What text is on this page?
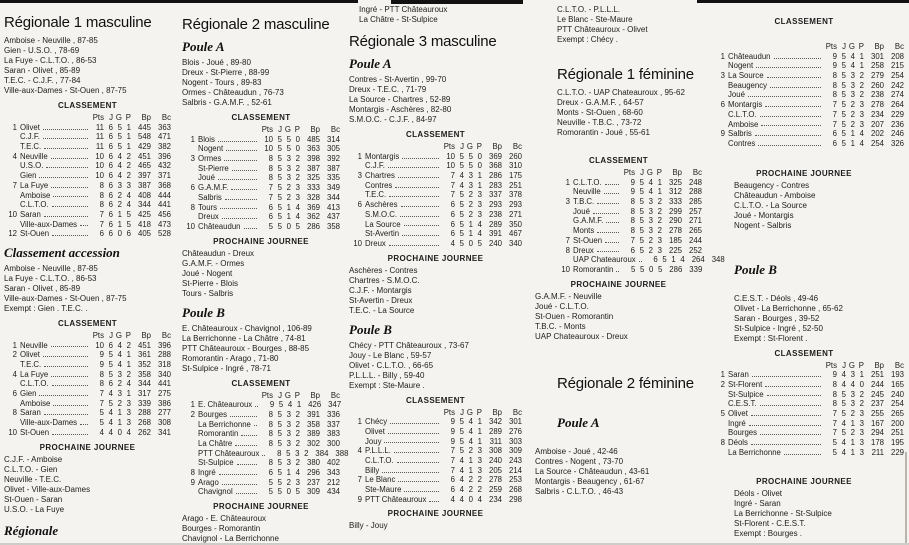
Régionale 1 masculine
Amboise - Neuville , 87-85
Gien - U.S.O. , 78-69
La Fuye - C.L.T.O. , 86-53
Saran - Olivet , 85-89
T.E.C. - C.J.F. , 77-84
Ville-aux-Dames - St-Ouen , 87-75
CLASSEMENT
Pts J G P	Bp	Bc
1 Olivet	11 6 5 1 445 363
C.J.F.	11 6 5 1 548 471
T.E.C.	11 6 5 1 429 382
4 Neuville	10 6 4 2 451 396
U.S.O.	10 6 4 2 465 432
Gien	10 6 4 2 397 371
7 La Fuye	8 6 3 3 387 368
Amboise	8 6 2 4 408 444
C.L.T.O.	8 6 2 4 344 441
10 Saran	7 6 1 5 425 456
Ville-aux-Dames	7 6 1 5 418 473
12 St-Ouen	6 6 0 6 405 528
Classement accession
Amboise - Neuville , 87-85
La Fuye - C.L.T.O. , 86-53
Saran - Olivet , 85-89
Ville-aux-Dames - St-Ouen , 87-75
Exempt : Gien . T.E.C. .
CLASSEMENT
Pts J G P	Bp	Bc
1 Neuville	10 6 4 2 451 396
2 Olivet	9 5 4 1 361 288
T.E.C.	9 5 4 1 352 318
4 La Fuye	8 5 3 2 358 340
C.L.T.O.	8 6 2 4 344 441
6 Gien	7 4 3 1 317 275
Amboise	7 5 2 3 339 386
8 Saran	5 4 1 3 288 277
Ville-aux-Dames	5 4 1 3 268 308
10 St-Ouen	4 4 0 4 262 341
PROCHAINE JOURNEE
C.J.F. - Amboise
C.L.T.O. - Gien
Neuville - T.E.C.
Olivet - Ville-aux-Dames
St-Ouen - Saran
U.S.O. - La Fuye
Régionale
Régionale 2 masculine
Poule A
Blois - Joué , 89-80
Dreux - St-Pierre , 88-99
Nogent - Tours , 89-83
Ormes - Châteaudun , 76-73
Salbris - G.A.M.F. , 52-61
CLASSEMENT
Pts J G P	Bp	Bc
1 Blois	10 5 5 0 485 314
Nogent	10 5 5 0 363 305
3 Ormes	8 5 3 2 398 392
St-Pierre	8 5 3 2 387 387
Joué	8 5 3 2 325 335
6 G.A.M.F.	7 5 2 3 333 349
Salbris	7 5 2 3 328 344
8 Tours	6 5 1 4 369 413
Dreux	6 5 1 4 362 437
10 Châteaudun	5 5 0 5 286 358
PROCHAINE JOURNEE
Châteaudun - Dreux
G.A.M.F. - Ormes
Joué - Nogent
St-Pierre - Blois
Tours - Salbris
Poule B
E. Châteauroux - Chavignol , 106-89
La Berrichonne - La Châtre , 74-81
PTT Châteauroux - Bourges , 88-85
Romorantin - Arago , 71-80
St-Sulpice - Ingré , 78-71
CLASSEMENT
Pts J G P	Bp	Bc
1 E. Châteauroux	9 5 4 1 426 347
2 Bourges	8 5 3 2 391 336
La Berrichonne	8 5 3 2 358 337
Romorantin	8 5 3 2 389 383
La Châtre	8 5 3 2 302 300
PTT Châteauroux	8 5 3 2 384 388
St-Sulpice	8 5 3 2 380 402
8 Ingré	6 5 1 4 296 343
9 Arago	5 5 2 3 237 212
Chavignol	5 5 0 5 309 434
PROCHAINE JOURNEE
Arago - E. Châteauroux
Bourges - Romorantin
Chavignol - La Berrichonne
Ingré - PTT Châteauroux
La Châtre - St-Sulpice
Régionale 3 masculine
Poule A
Contres - St-Avertin , 99-70
Dreux - T.E.C. , 71-79
La Source - Chartres , 52-89
Montargis - Aschères , 82-80
S.M.O.C. - C.J.F. , 84-97
CLASSEMENT
Pts J G P	Bp	Bc
1 Montargis	10 5 5 0 369 260
C.J.F.	10 5 5 0 368 310
3 Chartres	7 4 3 1 286 175
Contres	7 4 3 1 283 251
T.E.C.	7 5 2 3 337 378
6 Aschères	6 5 2 3 293 293
S.M.O.C.	6 5 2 3 238 271
La Source	6 5 1 4 289 350
St-Avertin	6 5 1 4 391 467
10 Dreux	4 5 0 5 240 340
PROCHAINE JOURNEE
Aschères - Contres
Chartres - S.M.O.C.
C.J.F. - Montargis
St-Avertin - Dreux
T.E.C. - La Source
Poule B
Chécy - PTT Châteauroux , 73-67
Jouy - Le Blanc , 59-57
Olivet - C.L.T.O. , 66-65
P.L.L.L. - Billy , 59-40
Exempt : Ste-Maure .
CLASSEMENT
Pts J G P	Bp	Bc
1 Chécy	9 5 4 1 342 301
Olivet	9 5 4 1 289 276
Jouy	9 5 4 1 311 303
4 P.L.L.L.	7 5 2 3 308 309
C.L.T.O.	7 4 1 3 240 243
Billy	7 4 1 3 205 214
7 Le Blanc	6 4 2 2 278 253
Ste-Maure	6 4 2 2 259 268
9 PTT Châteauroux	4 4 0 4 234 298
PROCHAINE JOURNEE
Billy - Jouy
C.L.T.O. - P.L.L.L.
Le Blanc - Ste-Maure
PTT Châteauroux - Olivet
Exempt : Chécy .
Régionale 1 féminine
C.L.T.O. - UAP Chateauroux , 95-62
Dreux - G.A.M.F. , 64-57
Monts - St-Ouen , 68-60
Neuville - T.B.C. , 73-72
Romorantin - Joué , 55-61
CLASSEMENT
Pts J G P	Bp	Bc
1 C.L.T.O.	9 5 4 1 325 248
Neuville	9 5 4 1 312 288
3 T.B.C.	8 5 3 2 333 285
Joué	8 5 3 2 299 257
G.A.M.F.	8 5 3 2 290 271
Monts	8 5 3 2 278 265
7 St-Ouen	7 5 2 3 185 244
8 Dreux	6 5 2 3 225 252
UAP Chateauroux	6 5 1 4 264 348
10 Romorantin	5 5 0 5 286 339
PROCHAINE JOURNEE
G.A.M.F. - Neuville
Joué - C.L.T.O.
St-Ouen - Romorantin
T.B.C. - Monts
UAP Chateauroux - Dreux
Régionale 2 féminine
Poule A
Amboise - Joué , 42-46
Contres - Nogent , 73-70
La Source - Châteaudun , 43-61
Montargis - Beaugency , 61-67
Salbris - C.L.T.O. , 46-43
CLASSEMENT
Pts J G P	Bp	Bc
1 Châteaudun	9 5 4 1 301 208
Nogent	9 5 4 1 258 215
3 La Source	8 5 3 2 279 254
Beaugency	8 5 3 2 260 242
Joué	8 5 3 2 238 274
6 Montargis	7 5 2 3 278 264
C.L.T.O.	7 5 2 3 234 229
Amboise	7 5 2 3 207 236
9 Salbris	6 5 1 4 202 246
Contres	6 5 1 4 254 326
PROCHAINE JOURNEE
Beaugency - Contres
Châteaudun - Amboise
C.L.T.O. - La Source
Joué - Montargis
Nogent - Salbris
Poule B
C.E.S.T. - Déols , 49-46
Olivet - La Berrichonne , 65-62
Saran - Bourges , 39-52
St-Sulpice - Ingré , 52-50
Exempt : St-Florent .
CLASSEMENT
Pts J G P	Bp	Bc
1 Saran	9 4 3 1 251 193
2 St-Florent	8 4 4 0 244 165
St-Sulpice	8 5 3 2 245 240
C.E.S.T.	8 5 3 2 237 254
5 Olivet	7 5 2 3 255 265
Ingré	7 4 1 3 167 200
Bourges	7 5 2 3 294 251
8 Déols	5 4 1 3 178 195
La Berrichonne	5 4 1 3 211 229
PROCHAINE JOURNEE
Déols - Olivet
Ingré - Saran
La Berrichonne - St-Sulpice
St-Florent - C.E.S.T.
Exempt : Bourges .
